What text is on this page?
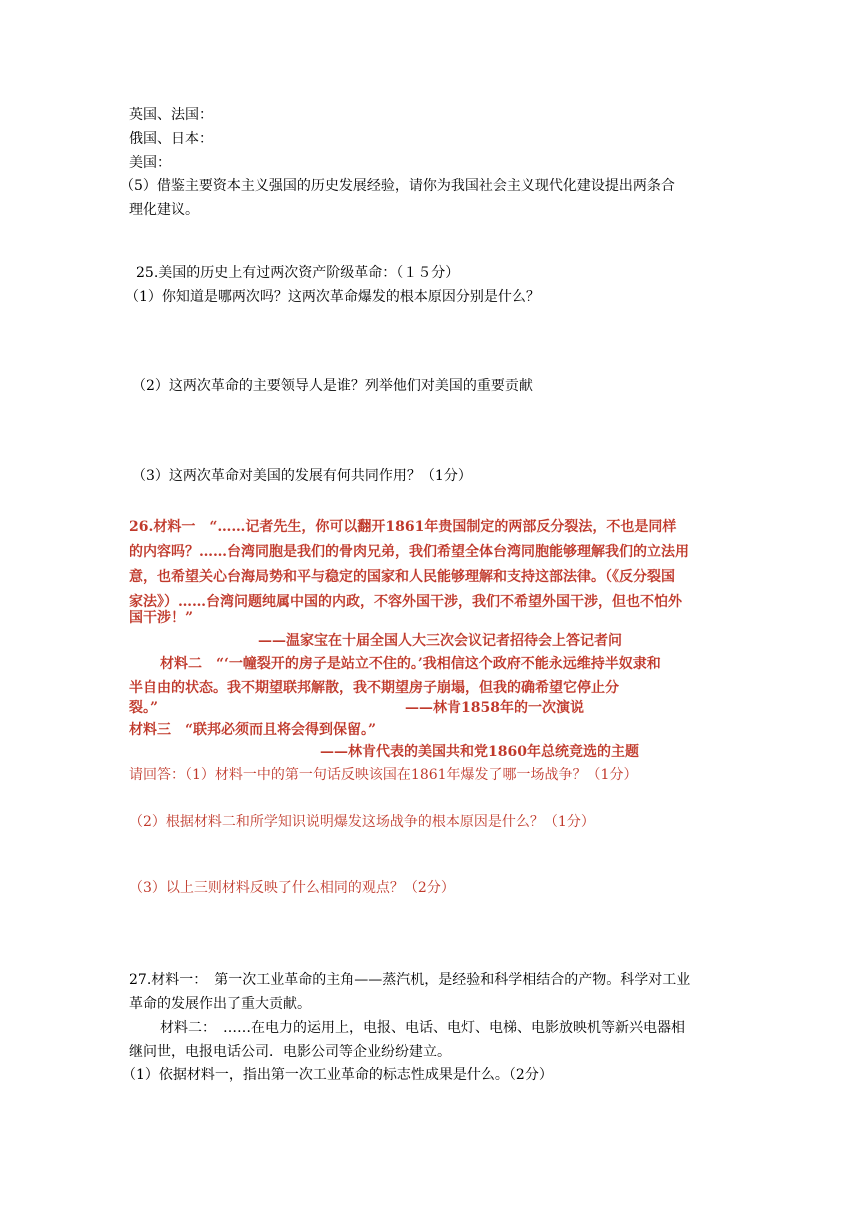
英国、法国：
俄国、日本：
美国：
（5）借鉴主要资本主义强国的历史发展经验，请你为我国社会主义现代化建设提出两条合
理化建议。
25.美国的历史上有过两次资产阶级革命：（１５分）
（1）你知道是哪两次吗？这两次革命爆发的根本原因分别是什么？
（2）这两次革命的主要领导人是谁？列举他们对美国的重要贡献
（3）这两次革命对美国的发展有何共同作用？（1分）
26.材料一　“……记者先生，你可以翻开1861年贵国制定的两部反分裂法，不也是同样
的内容吗？……台湾同胞是我们的骨肉兄弟，我们希望全体台湾同胞能够理解我们的立法用
意，也希望关心台海局势和平与稳定的国家和人民能够理解和支持这部法律。（《反分裂国
家法》）……台湾问题纯属中国的内政，不容外国干涉，我们不希望外国干涉，但也不怕外
国干涉！”
——温家宝在十届全国人大三次会议记者招待会上答记者问
材料二　“‘一幢裂开的房子是站立不住的。’我相信这个政府不能永远维持半奴隶和
半自由的状态。我不期望联邦解散，我不期望房子崩塌，但我的确希望它停止分
裂。”	——林肯1858年的一次演说
材料三　“联邦必须而且将会得到保留。”
——林肯代表的美国共和党1860年总统竞选的主题
请回答：（1）材料一中的第一句话反映该国在1861年爆发了哪一场战争？（1分）
（2）根据材料二和所学知识说明爆发这场战争的根本原因是什么？（1分）
（3）以上三则材料反映了什么相同的观点？（2分）
27.材料一：　第一次工业革命的主角——蒸汽机，是经验和科学相结合的产物。科学对工业
革命的发展作出了重大贡献。
材料二：　……在电力的运用上，电报、电话、电灯、电梯、电影放映机等新兴电器相
继问世，电报电话公司．电影公司等企业纷纷建立。
（1）依据材料一，指出第一次工业革命的标志性成果是什么。（2分）
